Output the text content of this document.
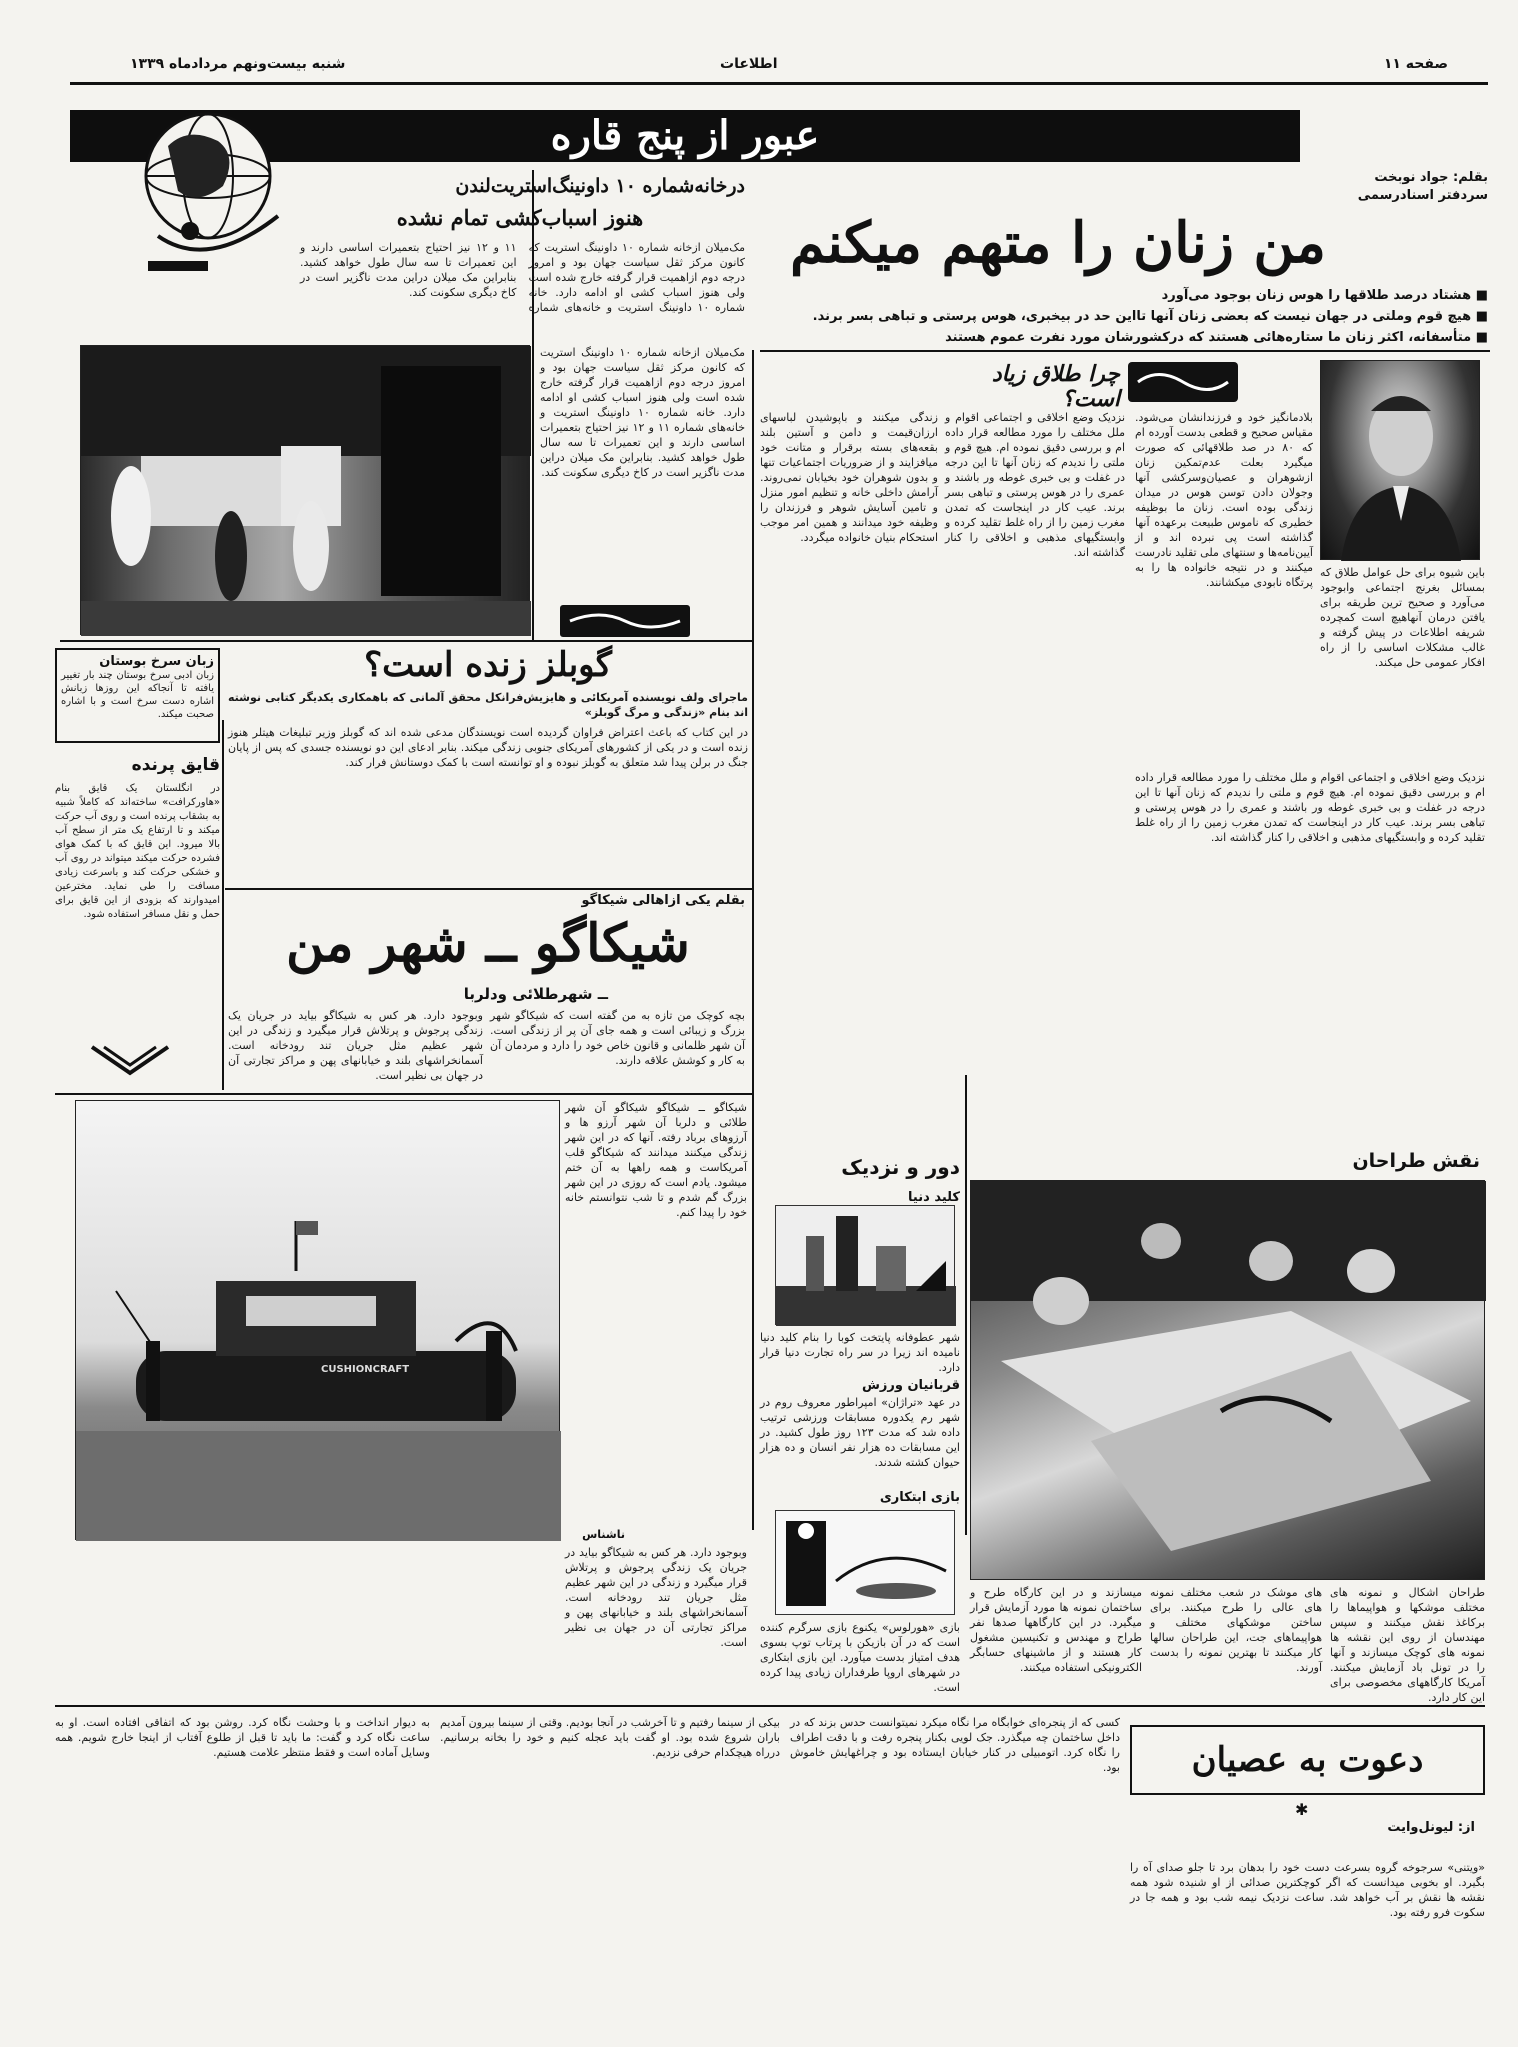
شنبه بیست‌ونهم مردادماه ۱۳۳۹	اطلاعات	صفحه ۱۱
عبور از پنج قاره
بقلم: جواد نوبخت
سردفتر اسنادرسمی
من زنان را متهم میکنم
■ هشتاد درصد طلاقها را هوس زنان بوجود می‌آورد
■ هیچ قوم وملتی در جهان نیست که بعضی زنان آنها تااین حد در بیخبری، هوس پرستی و تباهی بسر برند.
■ متأسفانه، اکثر زنان ما ستاره‌هائی هستند که درکشورشان مورد نفرت عموم هستند
چرا طلاق زیاد است؟
بلادمانگیز خود و فرزندانشان می‌شود. مقیاس صحیح و قطعی بدست آورده ام که ۸۰ در صد طلاقهائی که صورت میگیرد بعلت عدم‌تمکین زنان ازشوهران و عصیان‌وسرکشی آنها وجولان دادن توسن هوس در میدان زندگی بوده است. زنان ما بوظیفه خطیری که ناموس طبیعت برعهده آنها گذاشته است پی نبرده اند و از آیین‌نامه‌ها و سنتهای ملی تقلید نادرست میکنند و در نتیجه خانواده ها را به پرتگاه نابودی میکشانند.
نزدیک وضع اخلاقی و اجتماعی اقوام و ملل مختلف را مورد مطالعه قرار داده ام و بررسی دقیق نموده ام. هیچ قوم و ملتی را ندیدم که زنان آنها تا این درجه در غفلت و بی خبری غوطه ور باشند و عمری را در هوس پرستی و تباهی بسر برند. عیب کار در اینجاست که تمدن مغرب زمین را از راه غلط تقلید کرده و وابستگیهای مذهبی و اخلاقی را کنار گذاشته اند.
زندگی میکنند و باپوشیدن لباسهای ارزان‌قیمت و دامن و آستین بلند بقعه‌های بسته برقرار و متانت خود میافزایند و از ضروریات اجتماعیات تنها و بدون شوهران خود بخیابان نمی‌روند. آرامش داخلی خانه و تنظیم امور منزل و تامین آسایش شوهر و فرزندان را وظیفه خود میدانند و همین امر موجب استحکام بنیان خانواده میگردد.
باین شیوه برای حل عوامل طلاق که بمسائل بغرنج اجتماعی وابوجود می‌آورد و صحیح ترین طریقه برای یافتن درمان آنهاهیچ است کمچرده شریفه اطلاعات در پیش گرفته و غالب مشکلات اساسی را از راه افکار عمومی حل میکند.
نزدیک وضع اخلاقی و اجتماعی اقوام و ملل مختلف را مورد مطالعه قرار داده ام و بررسی دقیق نموده ام. هیچ قوم و ملتی را ندیدم که زنان آنها تا این درجه در غفلت و بی خبری غوطه ور باشند و عمری را در هوس پرستی و تباهی بسر برند. عیب کار در اینجاست که تمدن مغرب زمین را از راه غلط تقلید کرده و وابستگیهای مذهبی و اخلاقی را کنار گذاشته اند.
درخانه‌شماره ۱۰ داونینگ‌استریت‌لندن
هنوز اسباب‌کشی تمام نشده
مک‌میلان ازخانه شماره ۱۰ داونینگ استریت که کانون مرکز ثقل سیاست جهان بود و امروز درجه دوم ازاهمیت قرار گرفته خارج شده است ولی هنوز اسباب کشی او ادامه دارد. خانه شماره ۱۰ داونینگ استریت و خانه‌های شماره ۱۱ و ۱۲ نیز احتیاج بتعمیرات اساسی دارند و این تعمیرات تا سه سال طول خواهد کشید. بنابراین مک میلان دراین مدت ناگزیر است در کاخ دیگری سکونت کند.
مک‌میلان ازخانه شماره ۱۰ داونینگ استریت که کانون مرکز ثقل سیاست جهان بود و امروز درجه دوم ازاهمیت قرار گرفته خارج شده است ولی هنوز اسباب کشی او ادامه دارد. خانه شماره ۱۰ داونینگ استریت و خانه‌های شماره ۱۱ و ۱۲ نیز احتیاج بتعمیرات اساسی دارند و این تعمیرات تا سه سال طول خواهد کشید. بنابراین مک میلان دراین مدت ناگزیر است در کاخ دیگری سکونت کند.
گوبلز زنده است؟
ماجرای ولف نویسنده آمریکائی و هایزیش‌فرانکل محقق آلمانی که باهمکاری یکدیگر کتابی نوشته اند بنام «زندگی و مرگ گوبلز»
در این کتاب که باعث اعتراض فراوان گردیده است نویسندگان مدعی شده اند که گوبلز وزیر تبلیغات هیتلر هنوز زنده است و در یکی از کشورهای آمریکای جنوبی زندگی میکند. بنابر ادعای این دو نویسنده جسدی که پس از پایان جنگ در برلن پیدا شد متعلق به گوبلز نبوده و او توانسته است با کمک دوستانش فرار کند.
زبان سرخ بوستان
زبان ادبی سرخ بوستان چند بار تغییر یافته تا آنجاکه این روزها زبانش اشاره دست سرخ است و با اشاره صحبت میکند.
قایق پرنده
در انگلستان یک قایق بنام «هاورکرافت» ساخته‌اند که کاملاً شبیه به بشقاب پرنده است و روی آب حرکت میکند و تا ارتفاع یک متر از سطح آب بالا میرود. این قایق که با کمک هوای فشرده حرکت میکند میتواند در روی آب و خشکی حرکت کند و باسرعت زیادی مسافت را طی نماید. مخترعین امیدوارند که بزودی از این قایق برای حمل و نقل مسافر استفاده شود.
بقلم یکی ازاهالی شیکاگو
شیکاگو ــ شهر من
ــ شهرطلائی ودلربا
وبوجود دارد. هر کس به شیکاگو بیاید در جریان یک زندگی پرجوش و پرتلاش قرار میگیرد و زندگی در این شهر عظیم مثل جریان تند رودخانه است. آسمانخراشهای بلند و خیابانهای پهن و مراکز تجارتی آن در جهان بی نظیر است.
بچه کوچک من تازه به من گفته است که شیکاگو شهر بزرگ و زیبائی است و همه جای آن پر از زندگی است. آن شهر ظلمانی و قانون خاص خود را دارد و مردمان آن به کار و کوشش علاقه دارند.
CUSHIONCRAFT
شیکاگو ــ شیکاگو شیکاگو آن شهر طلائی و دلربا آن شهر آرزو ها و آرزوهای برباد رفته. آنها که در این شهر زندگی میکنند میدانند که شیکاگو قلب آمریکاست و همه راهها به آن ختم میشود. یادم است که روزی در این شهر بزرگ گم شدم و تا شب نتوانستم خانه خود را پیدا کنم.
ناشناس
دور و نزدیک
کلید دنیا
شهر عطوفانه پایتخت کوبا را بنام کلید دنیا نامیده اند زیرا در سر راه تجارت دنیا قرار دارد.
قربانیان ورزش
در عهد «تراژان» امپراطور معروف روم در شهر رم یکدوره مسابقات ورزشی ترتیب داده شد که مدت ۱۲۳ روز طول کشید. در این مسابقات ده هزار نفر انسان و ده هزار حیوان کشته شدند.
بازی ابتکاری
نقش طراحان
طراحان اشکال و نمونه های مختلف موشکها و هواپیماها را برکاغذ نقش میکنند و سپس مهندسان از روی این نقشه ها نمونه های کوچک میسازند و آنها را در تونل باد آزمایش میکنند. آمریکا کارگاههای مخصوصی برای این کار دارد.
های موشک در شعب مختلف نمونه های عالی را طرح میکنند. برای ساختن موشکهای مختلف و هواپیماهای جت، این طراحان سالها کار میکنند تا بهترین نمونه را بدست آورند.
میسازند و در این کارگاه طرح و ساختمان نمونه ها مورد آزمایش قرار میگیرد. در این کارگاهها صدها نفر طراح و مهندس و تکنیسین مشغول کار هستند و از ماشینهای حسابگر الکترونیکی استفاده میکنند.
بازی «هورلوس» یکنوع بازی سرگرم کننده است که در آن بازیکن با پرتاب توپ بسوی هدف امتیاز بدست میآورد. این بازی ابتکاری در شهرهای اروپا طرفداران زیادی پیدا کرده است.
وبوجود دارد. هر کس به شیکاگو بیاید در جریان یک زندگی پرجوش و پرتلاش قرار میگیرد و زندگی در این شهر عظیم مثل جریان تند رودخانه است. آسمانخراشهای بلند و خیابانهای پهن و مراکز تجارتی آن در جهان بی نظیر است.
دعوت به عصیان
✱
از: لیونل‌وایت
«ویتنی» سرجوخه گروه بسرعت دست خود را بدهان برد تا جلو صدای آه را بگیرد. او بخوبی میدانست که اگر کوچکترین صدائی از او شنیده شود همه نقشه ها نقش بر آب خواهد شد. ساعت نزدیک نیمه شب بود و همه جا در سکوت فرو رفته بود.
کسی که از پنجره‌ای خوابگاه مرا نگاه میکرد نمیتوانست حدس بزند که در داخل ساختمان چه میگذرد. جک لویی بکنار پنجره رفت و با دقت اطراف را نگاه کرد. اتومبیلی در کنار خیابان ایستاده بود و چراغهایش خاموش بود.
بیکی از سینما رفتیم و تا آخرشب در آنجا بودیم. وقتی از سینما بیرون آمدیم باران شروع شده بود. او گفت باید عجله کنیم و خود را بخانه برسانیم. درراه هیچکدام حرفی نزدیم.
به دیوار انداخت و با وحشت نگاه کرد. روشن بود که اتفاقی افتاده است. او به ساعت نگاه کرد و گفت: ما باید تا قبل از طلوع آفتاب از اینجا خارج شویم. همه وسایل آماده است و فقط منتظر علامت هستیم.
